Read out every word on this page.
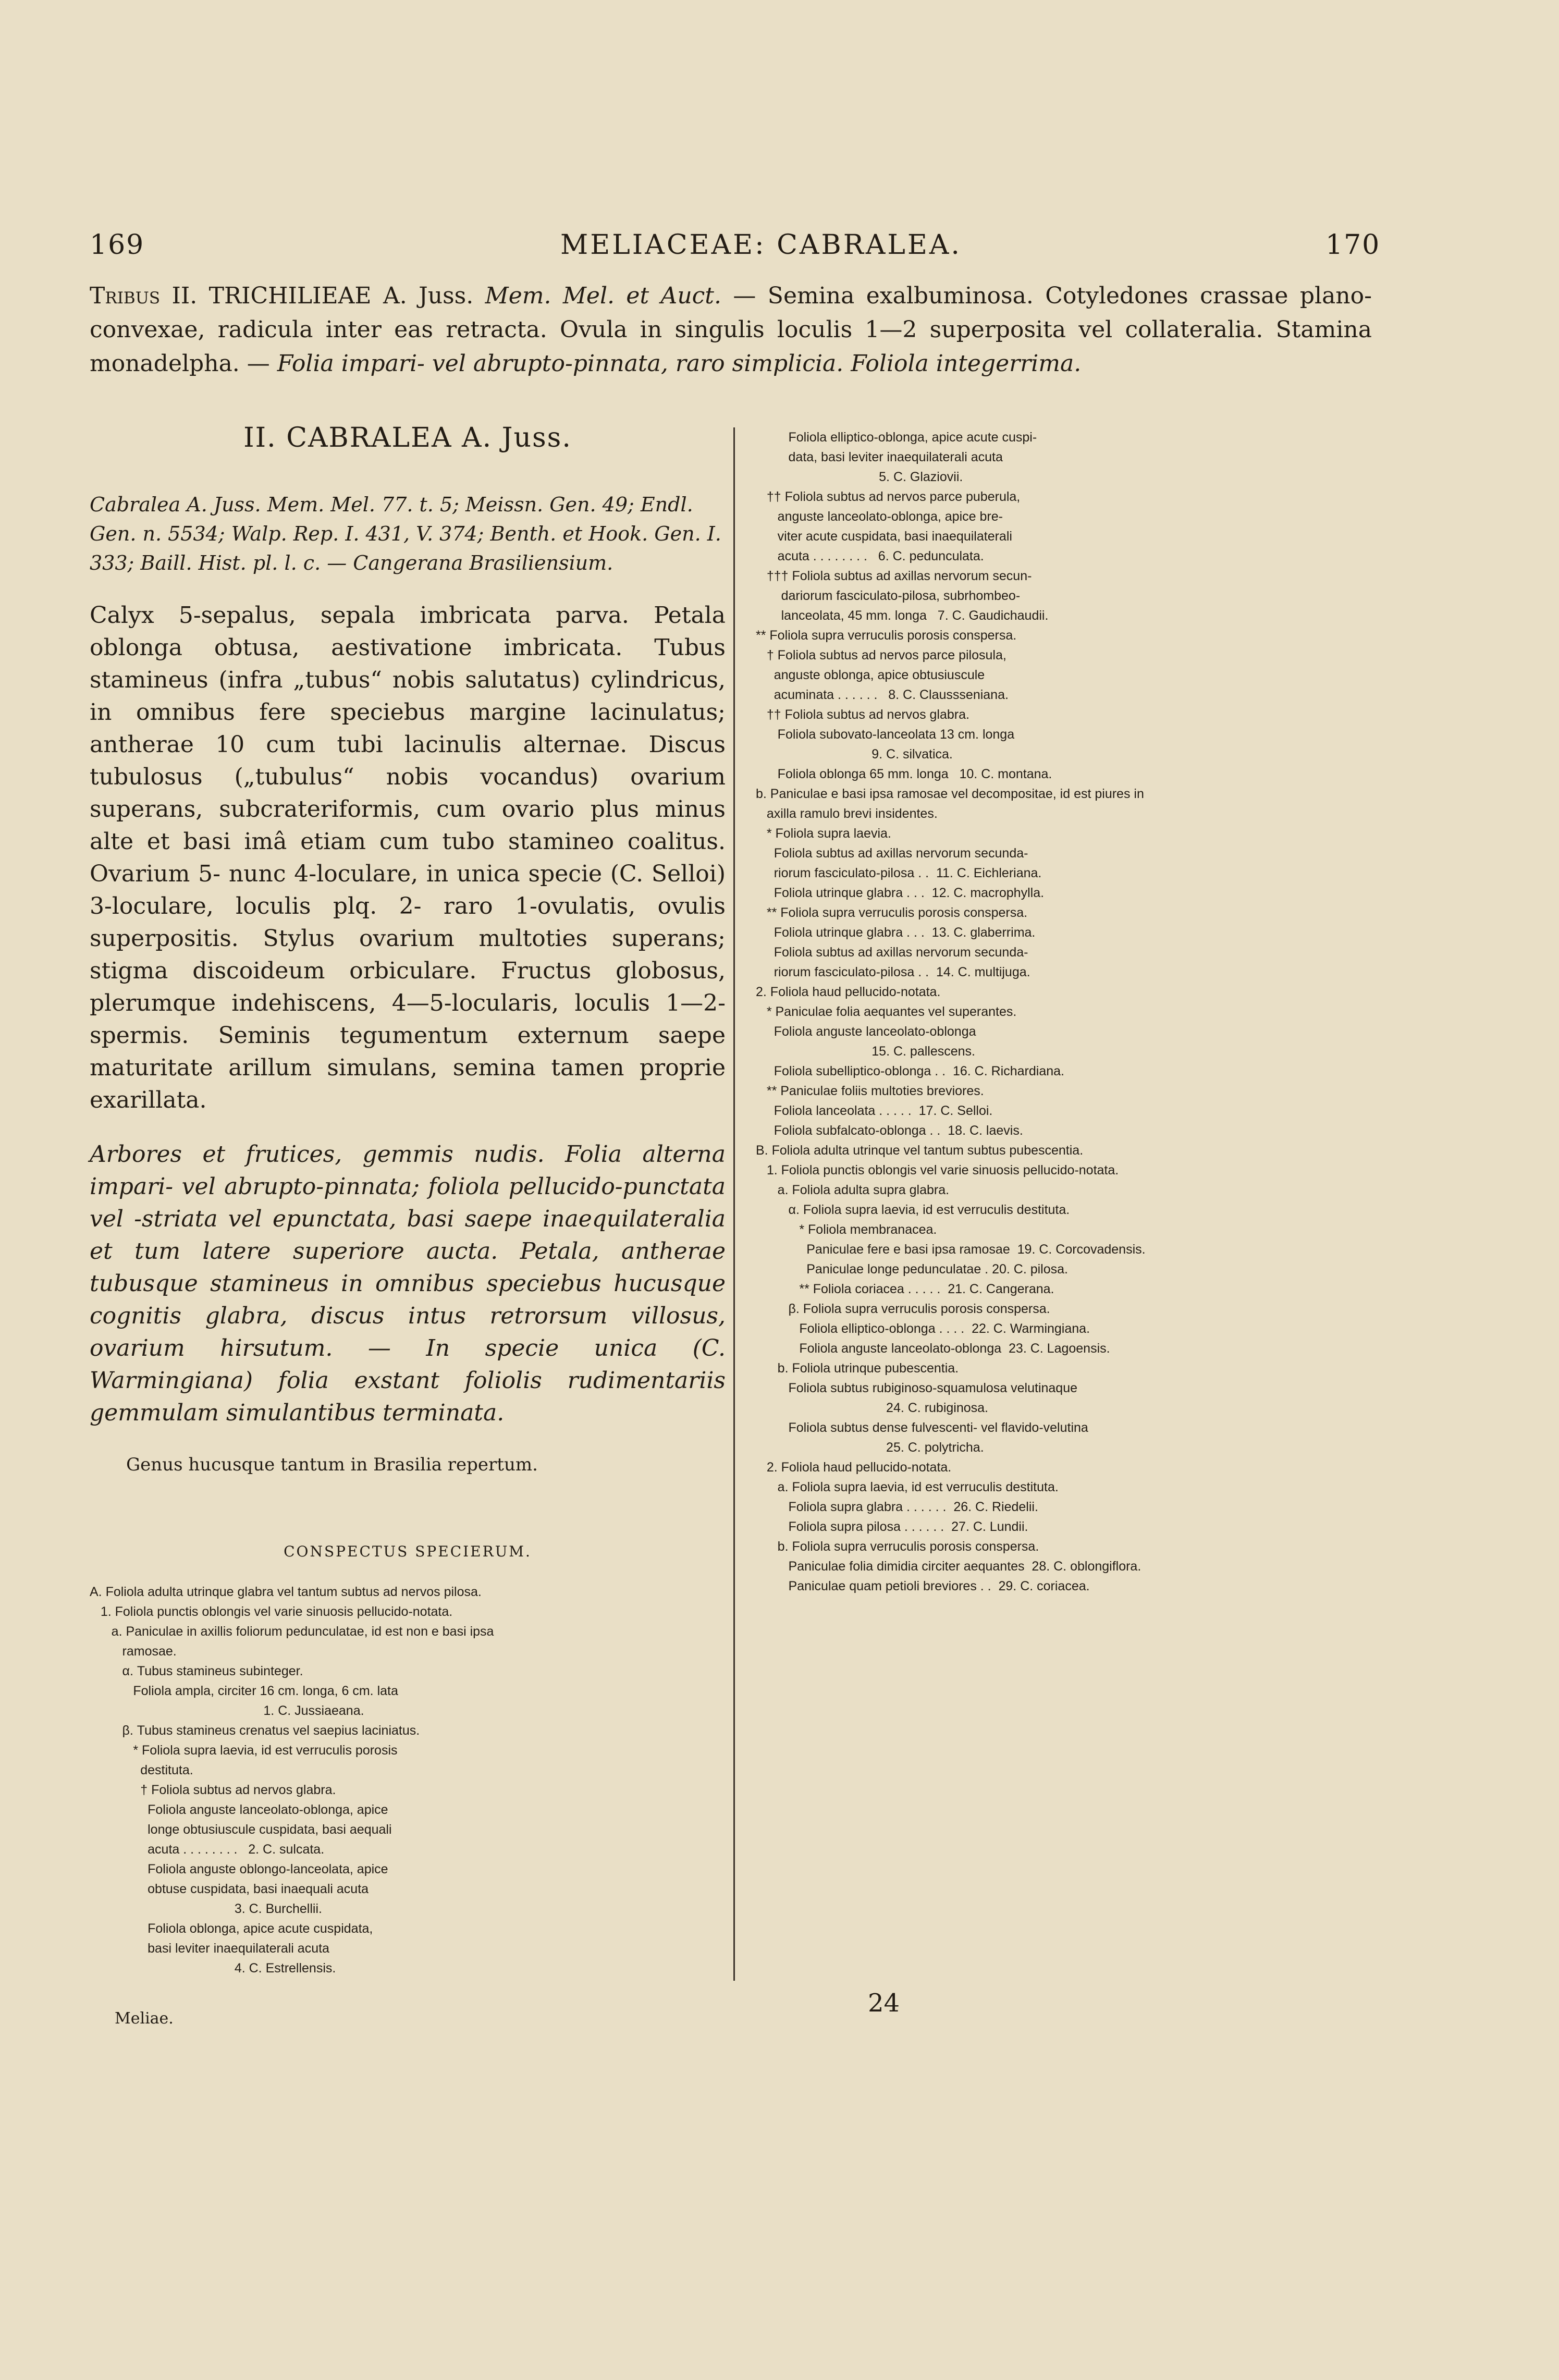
169	MELIACEAE: CABRALEA.	170
Tribus II. TRICHILIEAE A. Juss. Mem. Mel. et Auct. — Semina exalbuminosa. Cotyledones crassae plano-convexae, radicula inter eas retracta. Ovula in singulis loculis 1—2 superposita vel collateralia. Stamina monadelpha. — Folia impari- vel abrupto-pinnata, raro simplicia. Foliola integerrima.
II. CABRALEA A. Juss.

Cabralea A. Juss. Mem. Mel. 77. t. 5; Meissn. Gen. 49; Endl. Gen. n. 5534; Walp. Rep. I. 431, V. 374; Benth. et Hook. Gen. I. 333; Baill. Hist. pl. l. c. — Cangerana Brasiliensium.

Calyx 5-sepalus, sepala imbricata parva. Petala oblonga obtusa, aestivatione imbricata. Tubus stamineus (infra „tubus“ nobis salutatus) cylindricus, in omnibus fere speciebus margine lacinulatus; antherae 10 cum tubi lacinulis alternae. Discus tubulosus („tubulus“ nobis vocandus) ovarium superans, subcrateriformis, cum ovario plus minus alte et basi imâ etiam cum tubo stamineo coalitus. Ovarium 5- nunc 4-loculare, in unica specie (C. Selloi) 3-loculare, loculis plq. 2- raro 1-ovulatis, ovulis superpositis. Stylus ovarium multoties superans; stigma discoideum orbiculare. Fructus globosus, plerumque indehiscens, 4—5-locularis, loculis 1—2-spermis. Seminis tegumentum externum saepe maturitate arillum simulans, semina tamen proprie exarillata.

Arbores et frutices, gemmis nudis. Folia alterna impari- vel abrupto-pinnata; foliola pellucido-punctata vel -striata vel epunctata, basi saepe inaequilateralia et tum latere superiore aucta. Petala, antherae tubusque stamineus in omnibus speciebus hucusque cognitis glabra, discus intus retrorsum villosus, ovarium hirsutum. — In specie unica (C. Warmingiana) folia exstant foliolis rudimentariis gemmulam simulantibus terminata.

Genus hucusque tantum in Brasilia repertum.

CONSPECTUS SPECIERUM.
A. Foliola adulta utrinque glabra vel tantum subtus ad nervos pilosa.
1. Foliola punctis oblongis vel varie sinuosis pellucido-notata.
a. Paniculae in axillis foliorum pedunculatae, id est non e basi ipsa
ramosae.
α. Tubus stamineus subinteger.
Foliola ampla, circiter 16 cm. longa, 6 cm. lata
1. C. Jussiaeana.
β. Tubus stamineus crenatus vel saepius laciniatus.
* Foliola supra laevia, id est verruculis porosis
destituta.
† Foliola subtus ad nervos glabra.
Foliola anguste lanceolato-oblonga, apice
longe obtusiuscule cuspidata, basi aequali
acuta . . . . . . . .   2. C. sulcata.
Foliola anguste oblongo-lanceolata, apice
obtuse cuspidata, basi inaequali acuta
3. C. Burchellii.
Foliola oblonga, apice acute cuspidata,
basi leviter inaequilaterali acuta
4. C. Estrellensis.
Foliola elliptico-oblonga, apice acute cuspi-
data, basi leviter inaequilaterali acuta
5. C. Glaziovii.
†† Foliola subtus ad nervos parce puberula,
anguste lanceolato-oblonga, apice bre-
viter acute cuspidata, basi inaequilaterali
acuta . . . . . . . .   6. C. pedunculata.
††† Foliola subtus ad axillas nervorum secun-
dariorum fasciculato-pilosa, subrhombeo-
lanceolata, 45 mm. longa   7. C. Gaudichaudii.
** Foliola supra verruculis porosis conspersa.
† Foliola subtus ad nervos parce pilosula,
anguste oblonga, apice obtusiuscule
acuminata . . . . . .   8. C. Claussseniana.
†† Foliola subtus ad nervos glabra.
Foliola subovato-lanceolata 13 cm. longa
9. C. silvatica.
Foliola oblonga 65 mm. longa   10. C. montana.
b. Paniculae e basi ipsa ramosae vel decompositae, id est piures in
axilla ramulo brevi insidentes.
* Foliola supra laevia.
Foliola subtus ad axillas nervorum secunda-
riorum fasciculato-pilosa . .  11. C. Eichleriana.
Foliola utrinque glabra . . .  12. C. macrophylla.
** Foliola supra verruculis porosis conspersa.
Foliola utrinque glabra . . .  13. C. glaberrima.
Foliola subtus ad axillas nervorum secunda-
riorum fasciculato-pilosa . .  14. C. multijuga.
2. Foliola haud pellucido-notata.
* Paniculae folia aequantes vel superantes.
Foliola anguste lanceolato-oblonga
15. C. pallescens.
Foliola subelliptico-oblonga . .  16. C. Richardiana.
** Paniculae foliis multoties breviores.
Foliola lanceolata . . . . .  17. C. Selloi.
Foliola subfalcato-oblonga . .  18. C. laevis.
B. Foliola adulta utrinque vel tantum subtus pubescentia.
1. Foliola punctis oblongis vel varie sinuosis pellucido-notata.
a. Foliola adulta supra glabra.
α. Foliola supra laevia, id est verruculis destituta.
* Foliola membranacea.
Paniculae fere e basi ipsa ramosae  19. C. Corcovadensis.
Paniculae longe pedunculatae . 20. C. pilosa.
** Foliola coriacea . . . . .  21. C. Cangerana.
β. Foliola supra verruculis porosis conspersa.
Foliola elliptico-oblonga . . . .  22. C. Warmingiana.
Foliola anguste lanceolato-oblonga  23. C. Lagoensis.
b. Foliola utrinque pubescentia.
Foliola subtus rubiginoso-squamulosa velutinaque
24. C. rubiginosa.
Foliola subtus dense fulvescenti- vel flavido-velutina
25. C. polytricha.
2. Foliola haud pellucido-notata.
a. Foliola supra laevia, id est verruculis destituta.
Foliola supra glabra . . . . . .  26. C. Riedelii.
Foliola supra pilosa . . . . . .  27. C. Lundii.
b. Foliola supra verruculis porosis conspersa.
Paniculae folia dimidia circiter aequantes  28. C. oblongiflora.
Paniculae quam petioli breviores . .  29. C. coriacea.
Meliae.
24
